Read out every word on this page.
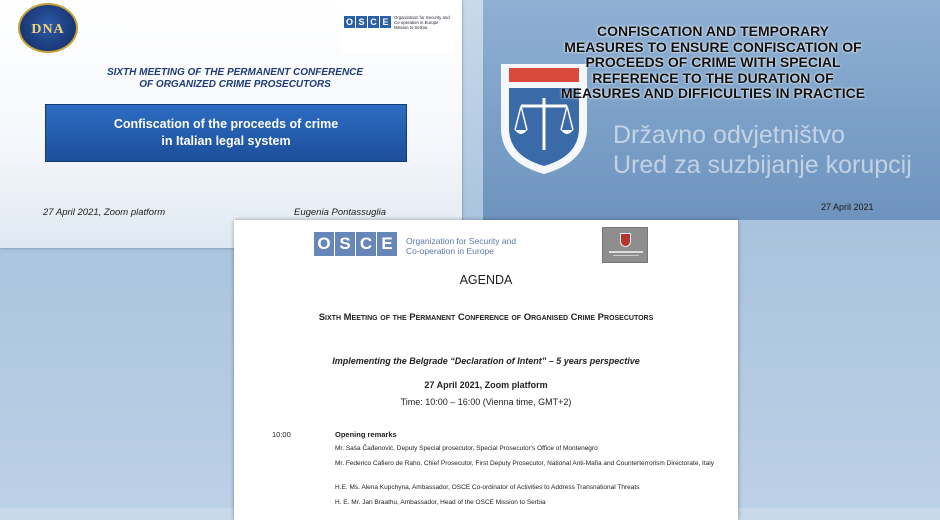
DNA	O S C E	Organization for Security and Co-operation in Europe Mission to Serbia
SIXTH MEETING OF THE PERMANENT CONFERENCE
OF ORGANIZED CRIME PROSECUTORS
Confiscation of the proceeds of crime
in Italian legal system
27 April 2021, Zoom platform	Eugenia Pontassuglia
Državno odvjetništvo
Ured za suzbijanje korupcij
CONFISCATION AND TEMPORARY
MEASURES TO ENSURE CONFISCATION OF
PROCEEDS OF CRIME WITH SPECIAL
REFERENCE TO THE DURATION OF
MEASURES AND DIFFICULTIES IN PRACTICE
27 April 2021
O S C E	Organization for Security and
Co-operation in Europe
AGENDA
Sixth Meeting of the Permanent Conference of Organised Crime Prosecutors
Implementing the Belgrade “Declaration of Intent” – 5 years perspective
27 April 2021, Zoom platform
Time: 10:00 – 16:00 (Vienna time, GMT+2)
10:00	Opening remarks
Mr. Saša Čađenović, Deputy Special prosecutor, Special Prosecutor's Office of Montenegro
Mr. Federico Cafiero de Raho, Chief Prosecutor, First Deputy Prosecutor, National Anti-Mafia and Counterterrorism Directorate, Italy
H.E. Ms. Alena Kupchyna, Ambassador, OSCE Co-ordinator of Activities to Address Transnational Threats
H. E. Mr. Jan Braathu, Ambassador, Head of the OSCE Mission to Serbia
